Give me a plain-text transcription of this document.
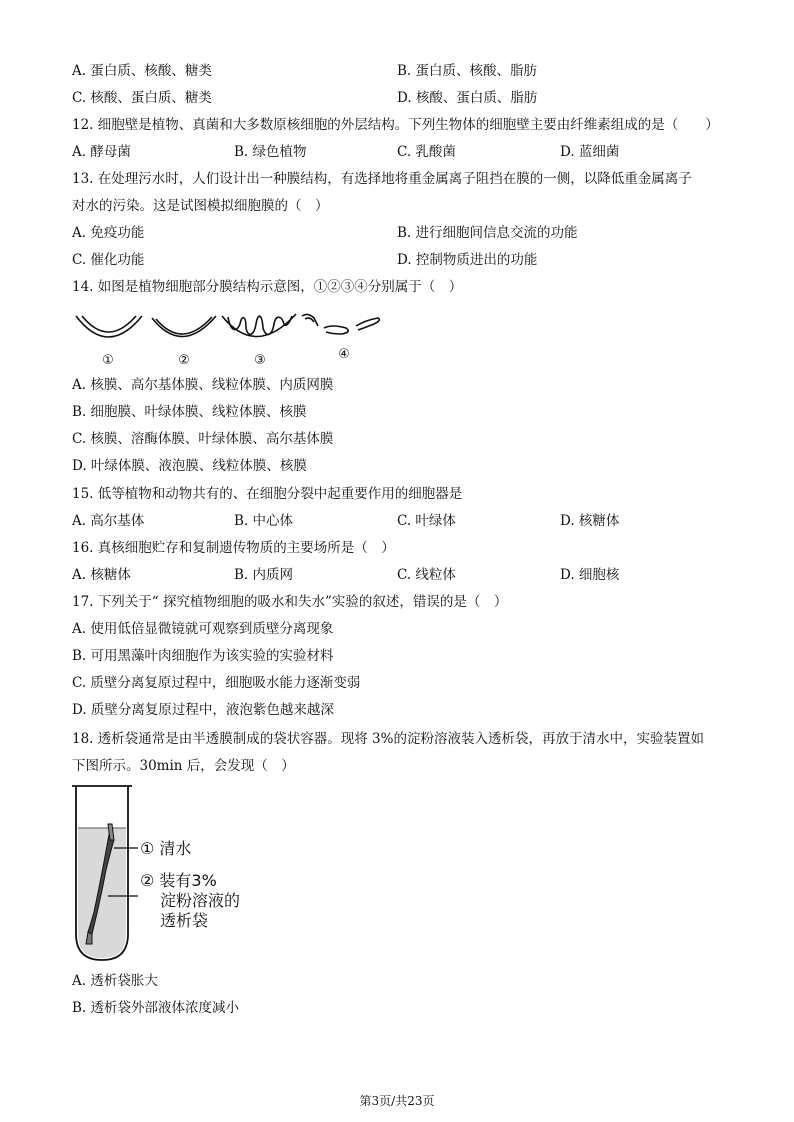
A. 蛋白质、核酸、糖类	B. 蛋白质、核酸、脂肪
C. 核酸、蛋白质、糖类	D. 核酸、蛋白质、脂肪
12. 细胞壁是植物、真菌和大多数原核细胞的外层结构。下列生物体的细胞壁主要由纤维素组成的是（　　）
A. 酵母菌	B. 绿色植物	C. 乳酸菌	D. 蓝细菌
13. 在处理污水时，人们设计出一种膜结构，有选择地将重金属离子阻挡在膜的一侧，以降低重金属离子
对水的污染。这是试图模拟细胞膜的（　）
A. 免疫功能	B. 进行细胞间信息交流的功能
C. 催化功能	D. 控制物质进出的功能
14. 如图是植物细胞部分膜结构示意图，①②③④分别属于（　）
①	②	③	④
A. 核膜、高尔基体膜、线粒体膜、内质网膜
B. 细胞膜、叶绿体膜、线粒体膜、核膜
C. 核膜、溶酶体膜、叶绿体膜、高尔基体膜
D. 叶绿体膜、液泡膜、线粒体膜、核膜
15. 低等植物和动物共有的、在细胞分裂中起重要作用的细胞器是
A. 高尔基体	B. 中心体	C. 叶绿体	D. 核糖体
16. 真核细胞贮存和复制遗传物质的主要场所是（　）
A. 核糖体	B. 内质网	C. 线粒体	D. 细胞核
17. 下列关于“ 探究植物细胞的吸水和失水”实验的叙述，错误的是（　）
A. 使用低倍显微镜就可观察到质壁分离现象
B. 可用黑藻叶肉细胞作为该实验的实验材料
C. 质壁分离复原过程中，细胞吸水能力逐渐变弱
D. 质壁分离复原过程中，液泡紫色越来越深
18. 透析袋通常是由半透膜制成的袋状容器。现将 3%的淀粉溶液装入透析袋，再放于清水中，实验装置如
下图所示。30min 后，会发现（　）
① 清水
② 装有3%
淀粉溶液的
透析袋
A. 透析袋胀大
B. 透析袋外部液体浓度减小
第3页/共23页
